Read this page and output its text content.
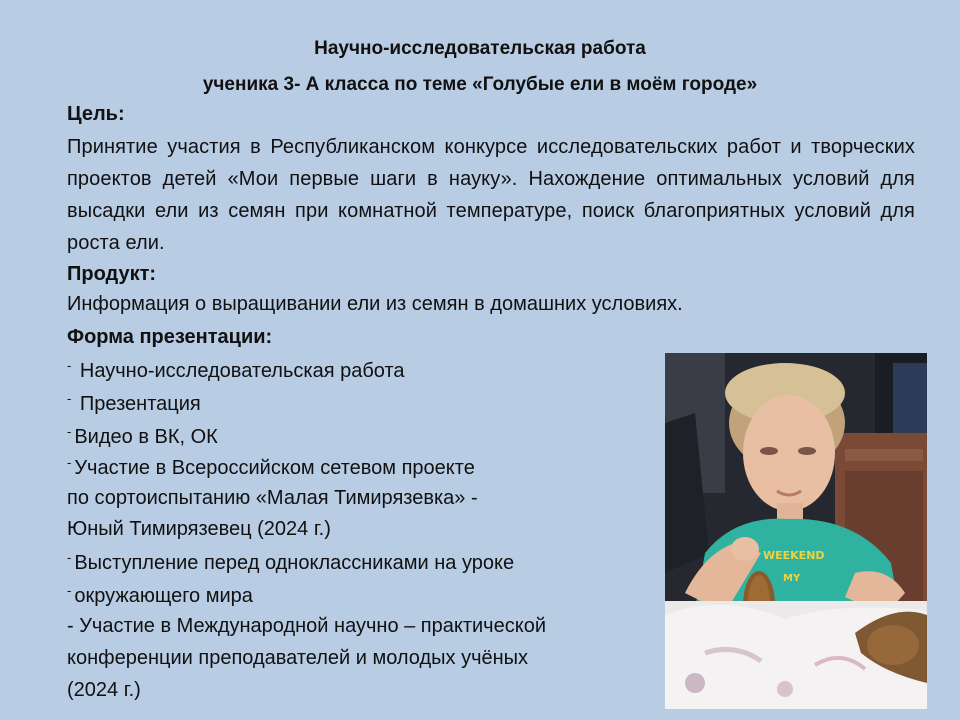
Научно-исследовательская работа
ученика 3- А класса по теме «Голубые ели в моём городе»
Цель:
Принятие участия в Республиканском конкурсе исследовательских работ и творческих проектов детей «Мои первые шаги в науку». Нахождение оптимальных условий для высадки ели из семян при комнатной температуре, поиск благоприятных условий для роста ели.
Продукт:
Информация о выращивании ели из семян в домашних условиях.
Форма презентации:
- Научно-исследовательская работа
- Презентация
- Видео в ВК, ОК
- Участие в Всероссийском сетевом проекте
по сортоиспытанию «Малая Тимирязевка» -
Юный Тимирязевец (2024 г.)
- Выступление перед одноклассниками на уроке
- окружающего мира
- Участие в Международной научно – практической
конференции преподавателей и молодых учёных
(2024 г.)
WEEKEND
MY
